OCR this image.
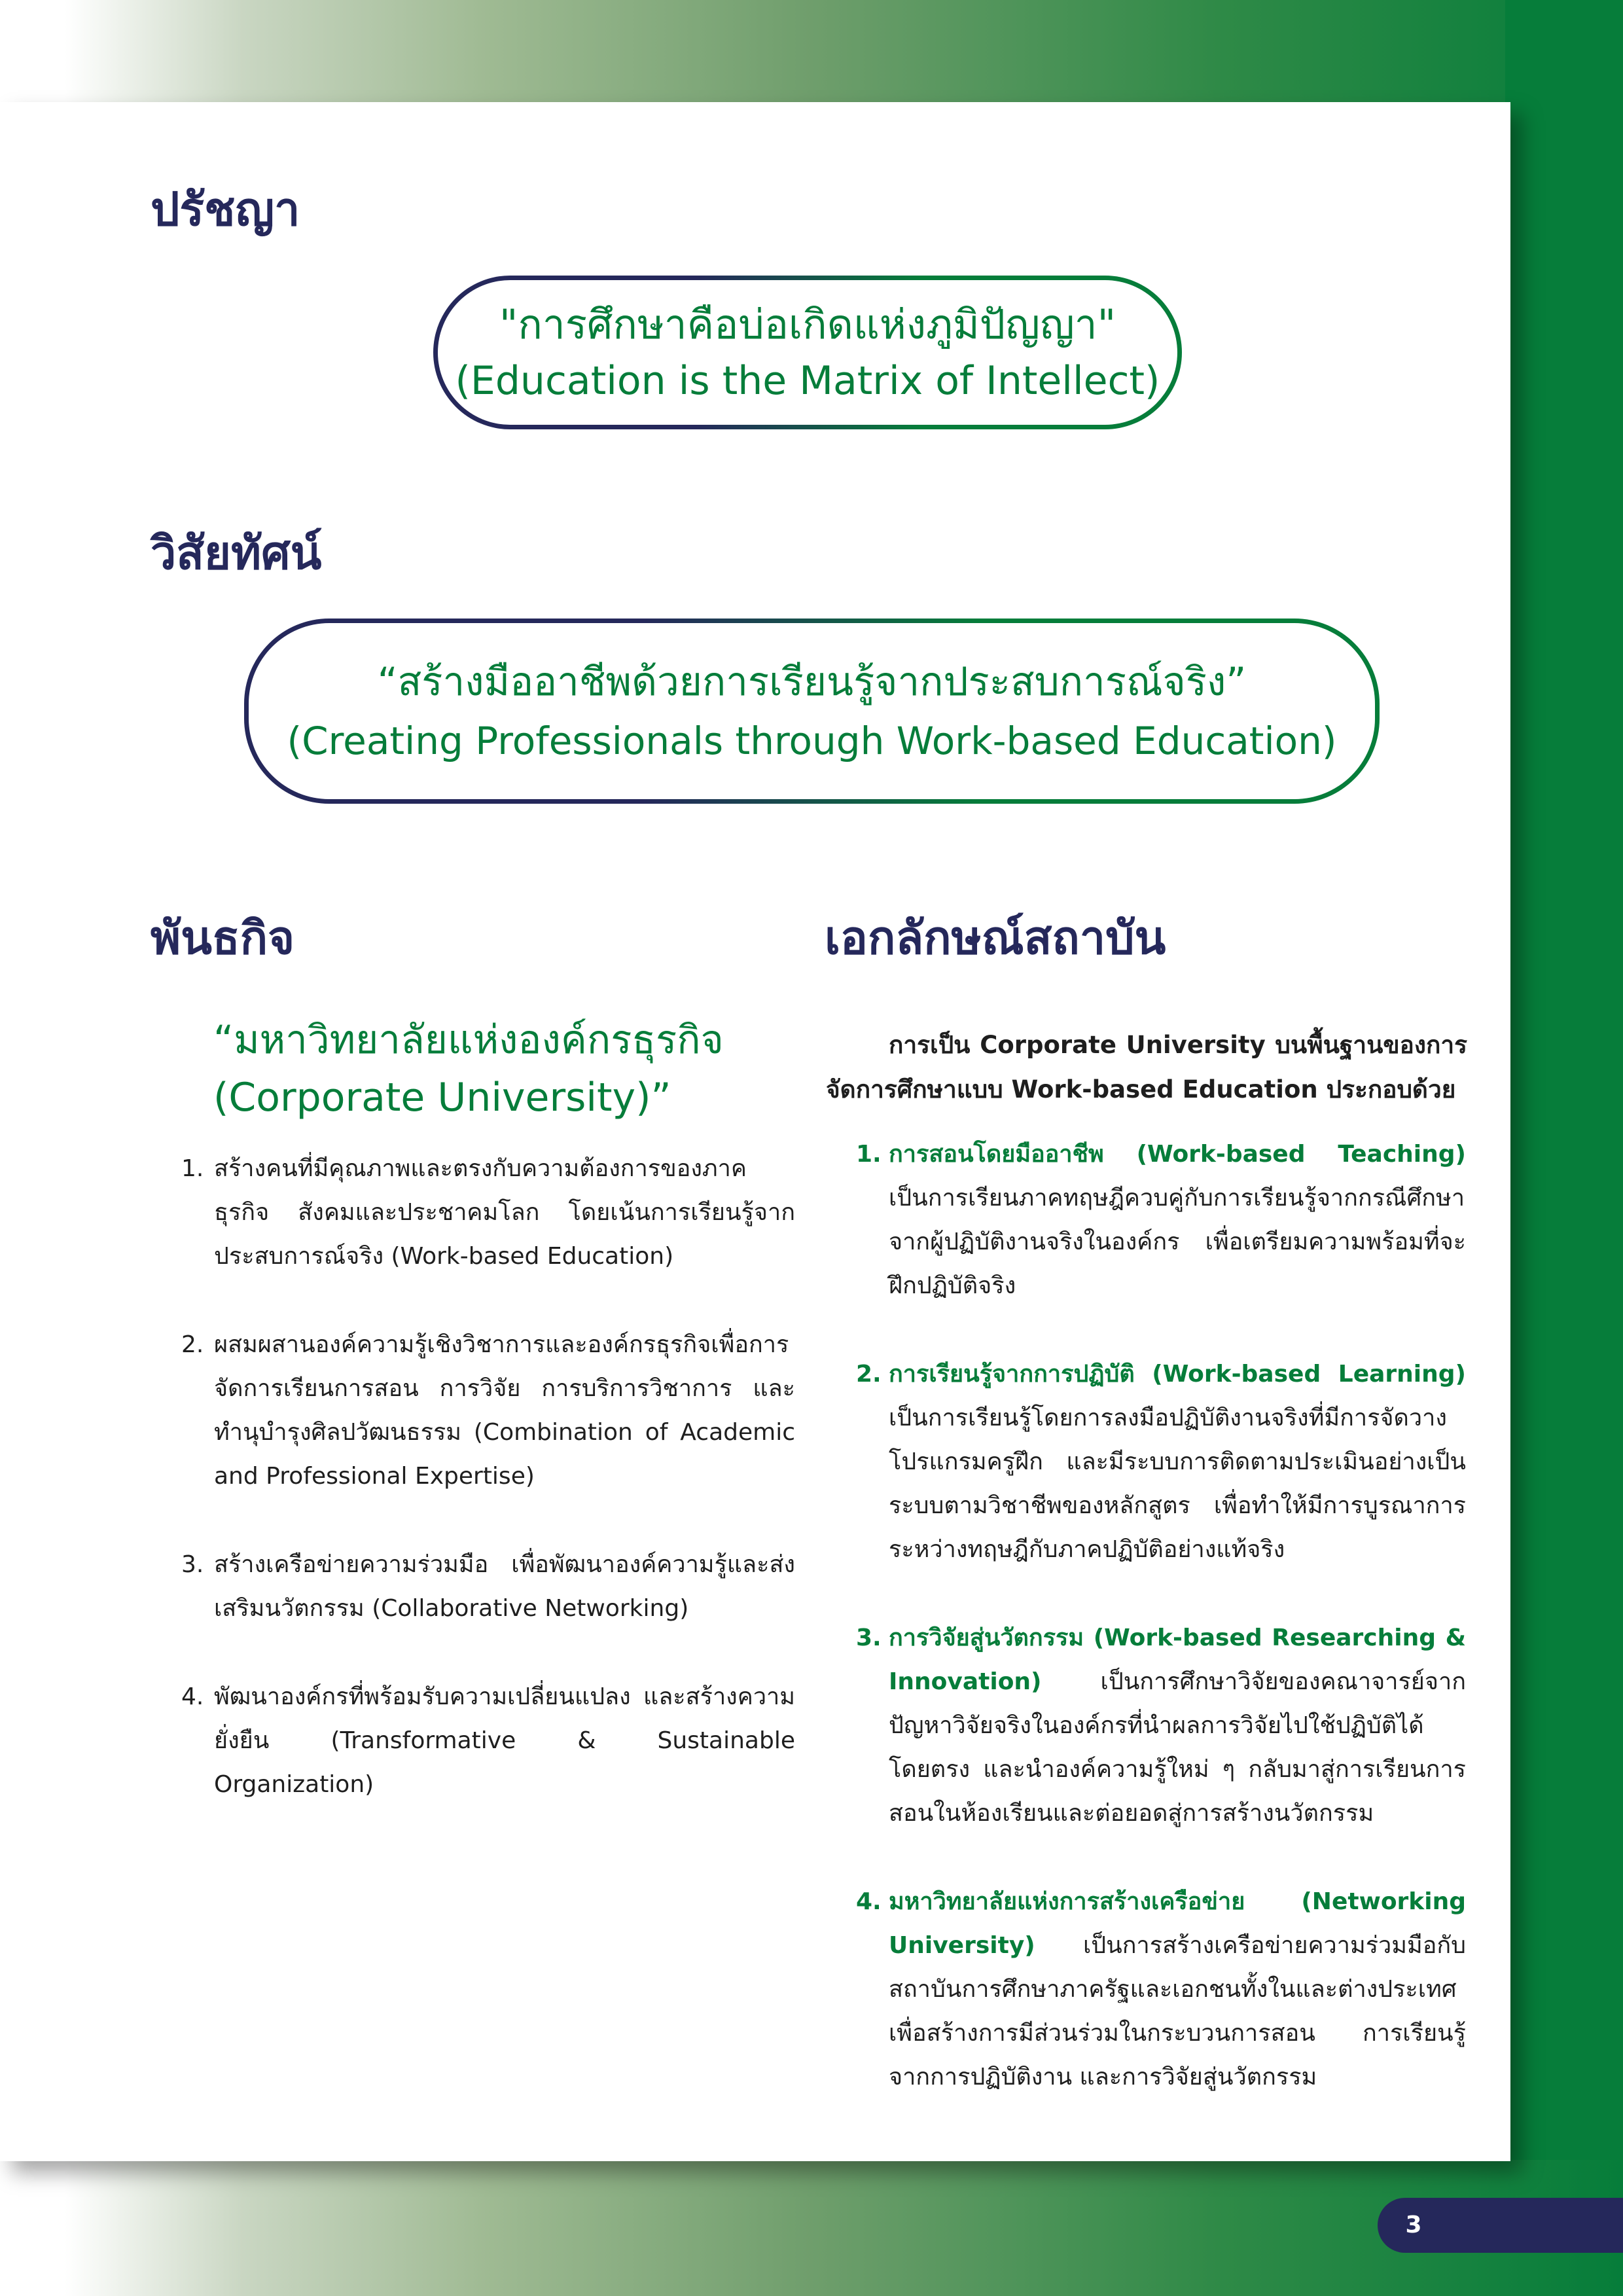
ปรัชญา
"การศึกษาคือบ่อเกิดแห่งภูมิปัญญา"
(Education is the Matrix of Intellect)
วิสัยทัศน์
“สร้างมืออาชีพด้วยการเรียนรู้จากประสบการณ์จริง”
(Creating Professionals through Work-based Education)
พันธกิจ
“มหาวิทยาลัยแห่งองค์กรธุรกิจ
(Corporate University)”
1. สร้างคนที่มีคุณภาพและตรงกับความต้องการของภาคธุรกิจ สังคมและประชาคมโลก โดยเน้นการเรียนรู้จากประสบการณ์จริง (Work-based Education)
2. ผสมผสานองค์ความรู้เชิงวิชาการและองค์กรธุรกิจเพื่อการจัดการเรียนการสอน การวิจัย การบริการวิชาการ และทำนุบำรุงศิลปวัฒนธรรม (Combination of Academic and Professional Expertise)
3. สร้างเครือข่ายความร่วมมือ เพื่อพัฒนาองค์ความรู้และส่งเสริมนวัตกรรม (Collaborative Networking)
4. พัฒนาองค์กรที่พร้อมรับความเปลี่ยนแปลง และสร้างความยั่งยืน (Transformative & Sustainable Organization)
เอกลักษณ์สถาบัน
การเป็น Corporate University บนพื้นฐานของการจัดการศึกษาแบบ Work-based Education ประกอบด้วย
1. การสอนโดยมืออาชีพ (Work-based Teaching) เป็นการเรียนภาคทฤษฎีควบคู่กับการเรียนรู้จากกรณีศึกษา จากผู้ปฏิบัติงานจริงในองค์กร เพื่อเตรียมความพร้อมที่จะฝึกปฏิบัติจริง
2. การเรียนรู้จากการปฏิบัติ (Work-based Learning) เป็นการเรียนรู้โดยการลงมือปฏิบัติงานจริงที่มีการจัดวางโปรแกรมครูฝึก และมีระบบการติดตามประเมินอย่างเป็นระบบตามวิชาชีพของหลักสูตร เพื่อทำให้มีการบูรณาการระหว่างทฤษฎีกับภาคปฏิบัติอย่างแท้จริง
3. การวิจัยสู่นวัตกรรม (Work-based Researching & Innovation) เป็นการศึกษาวิจัยของคณาจารย์จากปัญหาวิจัยจริงในองค์กรที่นำผลการวิจัยไปใช้ปฏิบัติได้โดยตรง และนำองค์ความรู้ใหม่ ๆ กลับมาสู่การเรียนการสอนในห้องเรียนและต่อยอดสู่การสร้างนวัตกรรม
4. มหาวิทยาลัยแห่งการสร้างเครือข่าย (Networking University) เป็นการสร้างเครือข่ายความร่วมมือกับสถาบันการศึกษาภาครัฐและเอกชนทั้งในและต่างประเทศ เพื่อสร้างการมีส่วนร่วมในกระบวนการสอน การเรียนรู้จากการปฏิบัติงาน และการวิจัยสู่นวัตกรรม
3
